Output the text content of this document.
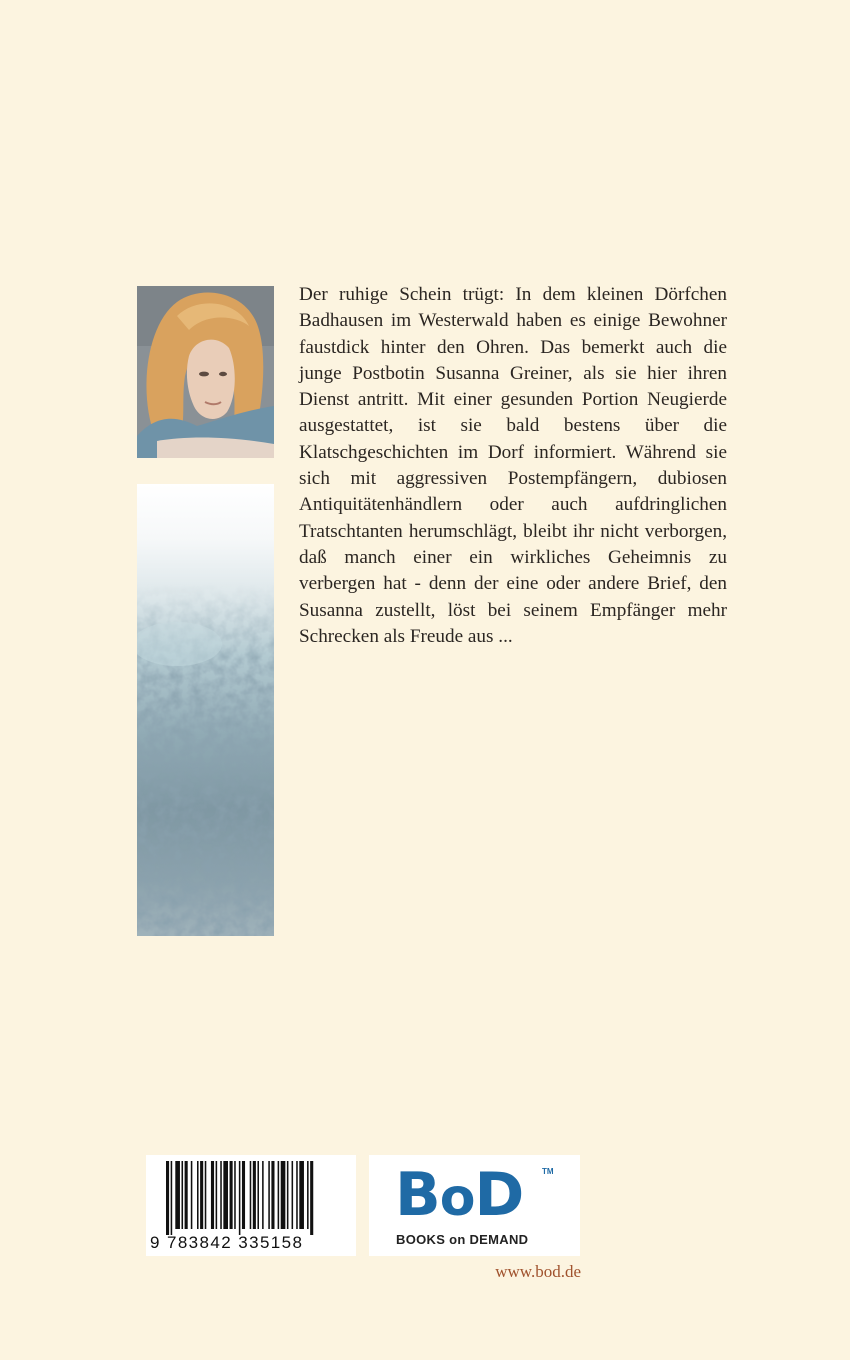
Der ruhige Schein trügt: In dem kleinen Dörfchen Badhausen im Westerwald haben es einige Bewohner faustdick hinter den Ohren. Das bemerkt auch die junge Postbotin Susanna Greiner, als sie hier ihren Dienst antritt. Mit einer gesunden Portion Neugierde ausgestattet, ist sie bald bestens über die Klatschgeschichten im Dorf informiert. Während sie sich mit aggressiven Postempfängern, dubiosen Antiquitätenhändlern oder auch aufdringlichen Tratschtanten herumschlägt, bleibt ihr nicht verborgen, daß manch einer ein wirkliches Geheimnis zu verbergen hat - denn der eine oder andere Brief, den Susanna zustellt, löst bei seinem Empfänger mehr Schrecken als Freude aus ...

9 783842 335158
BoD TM
BOOKS on DEMAND
www.bod.de
